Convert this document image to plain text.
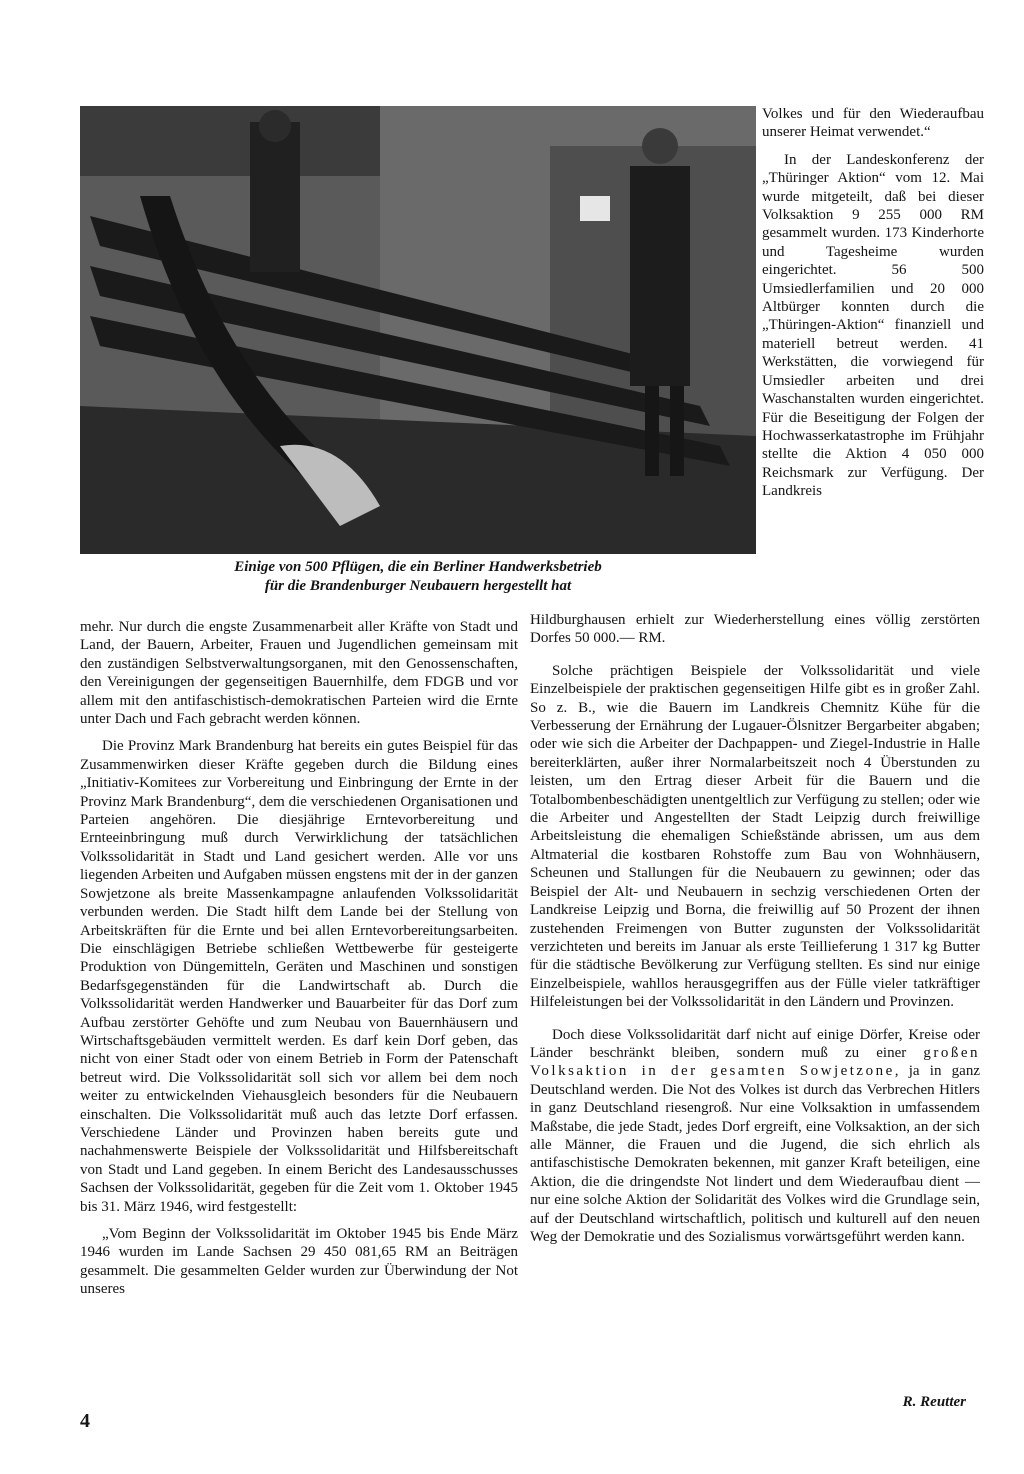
Einige von 500 Pflügen, die ein Berliner Handwerksbetrieb
für die Brandenburger Neubauern hergestellt hat

Volkes und für den Wiederaufbau unserer Heimat verwendet.“

In der Landeskonferenz der „Thüringer Aktion“ vom 12. Mai wurde mitgeteilt, daß bei dieser Volksaktion 9 255 000 RM gesammelt wurden. 173 Kinderhorte und Tagesheime wurden eingerichtet. 56 500 Umsiedlerfamilien und 20 000 Altbürger konnten durch die „Thüringen-Aktion“ finanziell und materiell betreut werden. 41 Werkstätten, die vorwiegend für Umsiedler arbeiten und drei Waschanstalten wurden eingerichtet. Für die Beseitigung der Folgen der Hochwasserkatastrophe im Frühjahr stellte die Aktion 4 050 000 Reichsmark zur Verfügung. Der Landkreis

mehr. Nur durch die engste Zusammenarbeit aller Kräfte von Stadt und Land, der Bauern, Arbeiter, Frauen und Jugendlichen gemeinsam mit den zuständigen Selbstverwaltungsorganen, mit den Genossenschaften, den Vereinigungen der gegenseitigen Bauernhilfe, dem FDGB und vor allem mit den antifaschistisch-demokratischen Parteien wird die Ernte unter Dach und Fach gebracht werden können.

Die Provinz Mark Brandenburg hat bereits ein gutes Beispiel für das Zusammenwirken dieser Kräfte gegeben durch die Bildung eines „Initiativ-Komitees zur Vorbereitung und Einbringung der Ernte in der Provinz Mark Brandenburg“, dem die verschiedenen Organisationen und Parteien angehören. Die diesjährige Erntevorbereitung und Ernteeinbringung muß durch Verwirklichung der tatsächlichen Volkssolidarität in Stadt und Land gesichert werden. Alle vor uns liegenden Arbeiten und Aufgaben müssen engstens mit der in der ganzen Sowjetzone als breite Massenkampagne anlaufenden Volkssolidarität verbunden werden. Die Stadt hilft dem Lande bei der Stellung von Arbeitskräften für die Ernte und bei allen Erntevorbereitungsarbeiten. Die einschlägigen Betriebe schließen Wettbewerbe für gesteigerte Produktion von Düngemitteln, Geräten und Maschinen und sonstigen Bedarfsgegenständen für die Landwirtschaft ab. Durch die Volkssolidarität werden Handwerker und Bauarbeiter für das Dorf zum Aufbau zerstörter Gehöfte und zum Neubau von Bauernhäusern und Wirtschaftsgebäuden vermittelt werden. Es darf kein Dorf geben, das nicht von einer Stadt oder von einem Betrieb in Form der Patenschaft betreut wird. Die Volkssolidarität soll sich vor allem bei dem noch weiter zu entwickelnden Viehausgleich besonders für die Neubauern einschalten. Die Volkssolidarität muß auch das letzte Dorf erfassen. Verschiedene Länder und Provinzen haben bereits gute und nachahmenswerte Beispiele der Volkssolidarität und Hilfsbereitschaft von Stadt und Land gegeben. In einem Bericht des Landesausschusses Sachsen der Volkssolidarität, gegeben für die Zeit vom 1. Oktober 1945 bis 31. März 1946, wird festgestellt:

„Vom Beginn der Volkssolidarität im Oktober 1945 bis Ende März 1946 wurden im Lande Sachsen 29 450 081,65 RM an Beiträgen gesammelt. Die gesammelten Gelder wurden zur Überwindung der Not unseres

Hildburghausen erhielt zur Wiederherstellung eines völlig zerstörten Dorfes 50 000.— RM.

Solche prächtigen Beispiele der Volkssolidarität und viele Einzelbeispiele der praktischen gegenseitigen Hilfe gibt es in großer Zahl. So z. B., wie die Bauern im Landkreis Chemnitz Kühe für die Verbesserung der Ernährung der Lugauer-Ölsnitzer Bergarbeiter abgaben; oder wie sich die Arbeiter der Dachpappen- und Ziegel-Industrie in Halle bereiterklärten, außer ihrer Normalarbeitszeit noch 4 Überstunden zu leisten, um den Ertrag dieser Arbeit für die Bauern und die Totalbombenbeschädigten unentgeltlich zur Verfügung zu stellen; oder wie die Arbeiter und Angestellten der Stadt Leipzig durch freiwillige Arbeitsleistung die ehemaligen Schießstände abrissen, um aus dem Altmaterial die kostbaren Rohstoffe zum Bau von Wohnhäusern, Scheunen und Stallungen für die Neubauern zu gewinnen; oder das Beispiel der Alt- und Neubauern in sechzig verschiedenen Orten der Landkreise Leipzig und Borna, die freiwillig auf 50 Prozent der ihnen zustehenden Freimengen von Butter zugunsten der Volkssolidarität verzichteten und bereits im Januar als erste Teillieferung 1 317 kg Butter für die städtische Bevölkerung zur Verfügung stellten. Es sind nur einige Einzelbeispiele, wahllos herausgegriffen aus der Fülle vieler tatkräftiger Hilfeleistungen bei der Volkssolidarität in den Ländern und Provinzen.

Doch diese Volkssolidarität darf nicht auf einige Dörfer, Kreise oder Länder beschränkt bleiben, sondern muß zu einer großen Volksaktion in der gesamten Sowjetzone, ja in ganz Deutschland werden. Die Not des Volkes ist durch das Verbrechen Hitlers in ganz Deutschland riesengroß. Nur eine Volksaktion in umfassendem Maßstabe, die jede Stadt, jedes Dorf ergreift, eine Volksaktion, an der sich alle Männer, die Frauen und die Jugend, die sich ehrlich als antifaschistische Demokraten bekennen, mit ganzer Kraft beteiligen, eine Aktion, die die dringendste Not lindert und dem Wiederaufbau dient — nur eine solche Aktion der Solidarität des Volkes wird die Grundlage sein, auf der Deutschland wirtschaftlich, politisch und kulturell auf den neuen Weg der Demokratie und des Sozialismus vorwärtsgeführt werden kann.

R. Reutter

4
